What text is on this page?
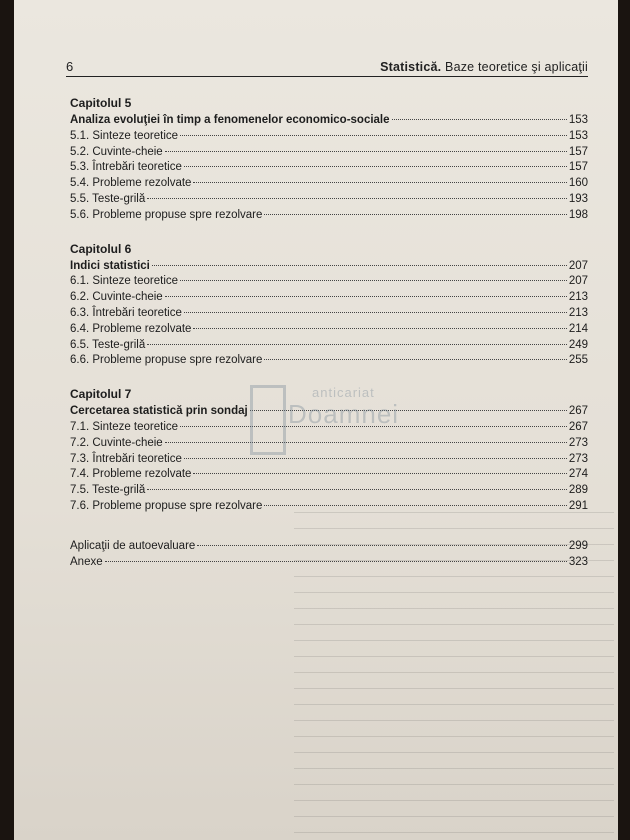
6	Statistică. Baze teoretice şi aplicaţii
Capitolul 5
Analiza evoluţiei în timp a fenomenelor economico-sociale	153
5.1. Sinteze teoretice	153
5.2. Cuvinte-cheie	157
5.3. Întrebări teoretice	157
5.4. Probleme rezolvate	160
5.5. Teste-grilă	193
5.6. Probleme propuse spre rezolvare	198
Capitolul 6
Indici statistici	207
6.1. Sinteze teoretice	207
6.2. Cuvinte-cheie	213
6.3. Întrebări teoretice	213
6.4. Probleme rezolvate	214
6.5. Teste-grilă	249
6.6. Probleme propuse spre rezolvare	255
Capitolul 7
Cercetarea statistică prin sondaj	267
7.1. Sinteze teoretice	267
7.2. Cuvinte-cheie	273
7.3. Întrebări teoretice	273
7.4. Probleme rezolvate	274
7.5. Teste-grilă	289
7.6. Probleme propuse spre rezolvare	291
Aplicaţii de autoevaluare	299
Anexe	323
anticariat
Doamnei
